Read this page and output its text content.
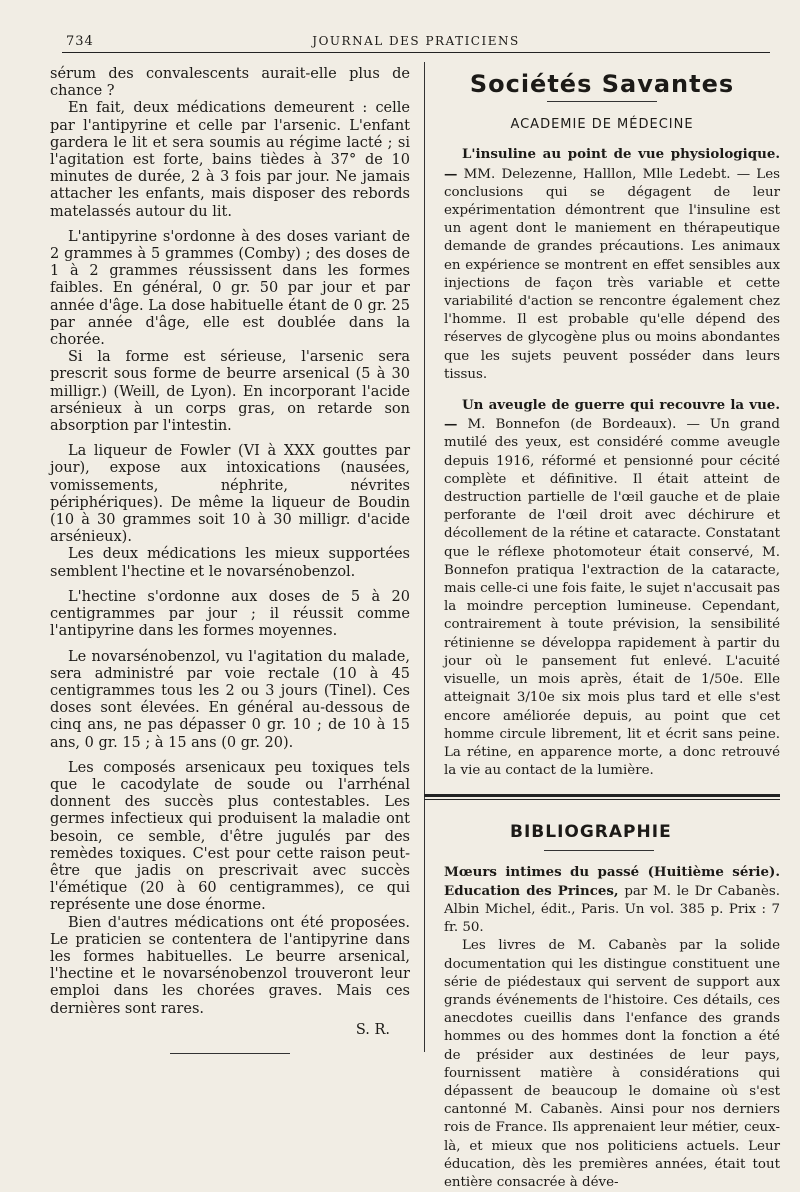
734	JOURNAL DES PRATICIENS

sérum des convalescents aurait-elle plus de chance ?

En fait, deux médications demeurent : celle par l'antipyrine et celle par l'arsenic. L'enfant gardera le lit et sera soumis au régime lacté ; si l'agitation est forte, bains tièdes à 37° de 10 minutes de durée, 2 à 3 fois par jour. Ne jamais attacher les enfants, mais disposer des rebords matelassés autour du lit.

L'antipyrine s'ordonne à des doses variant de 2 grammes à 5 grammes (Comby) ; des doses de 1 à 2 grammes réussissent dans les formes faibles. En général, 0 gr. 50 par jour et par année d'âge. La dose habituelle étant de 0 gr. 25 par année d'âge, elle est doublée dans la chorée.

Si la forme est sérieuse, l'arsenic sera prescrit sous forme de beurre arsenical (5 à 30 milligr.) (Weill, de Lyon). En incorporant l'acide arsénieux à un corps gras, on retarde son absorption par l'intestin.

La liqueur de Fowler (VI à XXX gouttes par jour), expose aux intoxications (nausées, vomissements, néphrite, névrites périphériques). De même la liqueur de Boudin (10 à 30 grammes soit 10 à 30 milligr. d'acide arsénieux).

Les deux médications les mieux supportées semblent l'hectine et le novarsénobenzol.

L'hectine s'ordonne aux doses de 5 à 20 centigrammes par jour ; il réussit comme l'antipyrine dans les formes moyennes.

Le novarsénobenzol, vu l'agitation du malade, sera administré par voie rectale (10 à 45 centigrammes tous les 2 ou 3 jours (Tinel). Ces doses sont élevées. En général au-dessous de cinq ans, ne pas dépasser 0 gr. 10 ; de 10 à 15 ans, 0 gr. 15 ; à 15 ans (0 gr. 20).

Les composés arsenicaux peu toxiques tels que le cacodylate de soude ou l'arrhénal donnent des succès plus contestables. Les germes infectieux qui produisent la maladie ont besoin, ce semble, d'être jugulés par des remèdes toxiques. C'est pour cette raison peut-être que jadis on prescrivait avec succès l'émétique (20 à 60 centigrammes), ce qui représente une dose énorme.

Bien d'autres médications ont été proposées. Le praticien se contentera de l'antipyrine dans les formes habituelles. Le beurre arsenical, l'hectine et le novarsénobenzol trouveront leur emploi dans les chorées graves. Mais ces dernières sont rares.

S. R.
Sociétés Savantes
ACADEMIE DE MÉDECINE

L'insuline au point de vue physiologique. — MM. Delezenne, Halllon, Mlle Ledebt. — Les conclusions qui se dégagent de leur expérimentation démontrent que l'insuline est un agent dont le maniement en thérapeutique demande de grandes précautions. Les animaux en expérience se montrent en effet sensibles aux injections de façon très variable et cette variabilité d'action se rencontre également chez l'homme. Il est probable qu'elle dépend des réserves de glycogène plus ou moins abondantes que les sujets peuvent posséder dans leurs tissus.

Un aveugle de guerre qui recouvre la vue. — M. Bonnefon (de Bordeaux). — Un grand mutilé des yeux, est considéré comme aveugle depuis 1916, réformé et pensionné pour cécité complète et définitive. Il était atteint de destruction partielle de l'œil gauche et de plaie perforante de l'œil droit avec déchirure et décollement de la rétine et cataracte. Constatant que le réflexe photomoteur était conservé, M. Bonnefon pratiqua l'extraction de la cataracte, mais celle-ci une fois faite, le sujet n'accusait pas la moindre perception lumineuse. Cependant, contrairement à toute prévision, la sensibilité rétinienne se développa rapidement à partir du jour où le pansement fut enlevé. L'acuité visuelle, un mois après, était de 1/50e. Elle atteignait 3/10e six mois plus tard et elle s'est encore améliorée depuis, au point que cet homme circule librement, lit et écrit sans peine. La rétine, en apparence morte, a donc retrouvé la vie au contact de la lumière.

BIBLIOGRAPHIE

Mœurs intimes du passé (Huitième série). Education des Princes, par M. le Dr Cabanès. Albin Michel, édit., Paris. Un vol. 385 p. Prix : 7 fr. 50.

Les livres de M. Cabanès par la solide documentation qui les distingue constituent une série de piédestaux qui servent de support aux grands événements de l'histoire. Ces détails, ces anecdotes cueillis dans l'enfance des grands hommes ou des hommes dont la fonction a été de présider aux destinées de leur pays, fournissent matière à considérations qui dépassent de beaucoup le domaine où s'est cantonné M. Cabanès. Ainsi pour nos derniers rois de France. Ils apprenaient leur métier, ceux-là, et mieux que nos politiciens actuels. Leur éducation, dès les premières années, était tout entière consacrée à déve-
